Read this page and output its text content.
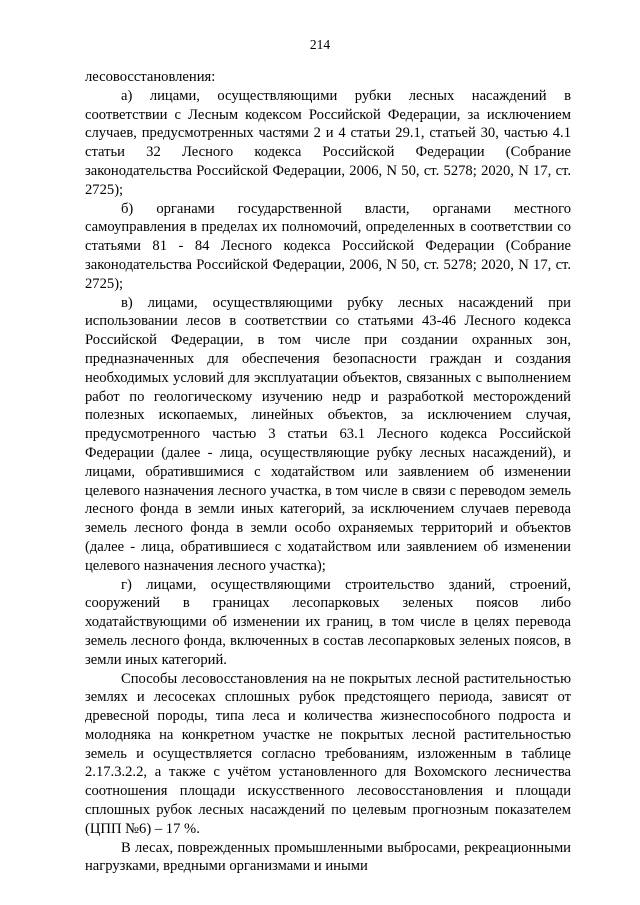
214

лесовосстановления:

а) лицами, осуществляющими рубки лесных насаждений в соответствии с Лесным кодексом Российской Федерации, за исключением случаев, предусмотренных частями 2 и 4 статьи 29.1, статьей 30, частью 4.1 статьи 32 Лесного кодекса Российской Федерации (Собрание законодательства Российской Федерации, 2006, N 50, ст. 5278; 2020, N 17, ст. 2725);

б) органами государственной власти, органами местного самоуправления в пределах их полномочий, определенных в соответствии со статьями 81 - 84 Лесного кодекса Российской Федерации (Собрание законодательства Российской Федерации, 2006, N 50, ст. 5278; 2020, N 17, ст. 2725);

в) лицами, осуществляющими рубку лесных насаждений при использовании лесов в соответствии со статьями 43-46 Лесного кодекса Российской Федерации, в том числе при создании охранных зон, предназначенных для обеспечения безопасности граждан и создания необходимых условий для эксплуатации объектов, связанных с выполнением работ по геологическому изучению недр и разработкой месторождений полезных ископаемых, линейных объектов, за исключением случая, предусмотренного частью 3 статьи 63.1 Лесного кодекса Российской Федерации (далее - лица, осуществляющие рубку лесных насаждений), и лицами, обратившимися с ходатайством или заявлением об изменении целевого назначения лесного участка, в том числе в связи с переводом земель лесного фонда в земли иных категорий, за исключением случаев перевода земель лесного фонда в земли особо охраняемых территорий и объектов (далее - лица, обратившиеся с ходатайством или заявлением об изменении целевого назначения лесного участка);

г) лицами, осуществляющими строительство зданий, строений, сооружений в границах лесопарковых зеленых поясов либо ходатайствующими об изменении их границ, в том числе в целях перевода земель лесного фонда, включенных в состав лесопарковых зеленых поясов, в земли иных категорий.

Способы лесовосстановления на не покрытых лесной растительностью землях и лесосеках сплошных рубок предстоящего периода, зависят от древесной породы, типа леса и количества жизнеспособного подроста и молодняка на конкретном участке не покрытых лесной растительностью земель и осуществляется согласно требованиям, изложенным в таблице 2.17.3.2.2, а также с учётом установленного для Вохомского лесничества соотношения площади искусственного лесовосстановления и площади сплошных рубок лесных насаждений по целевым прогнозным показателем (ЦПП №6) – 17 %.

В лесах, поврежденных промышленными выбросами, рекреационными нагрузками, вредными организмами и иными
